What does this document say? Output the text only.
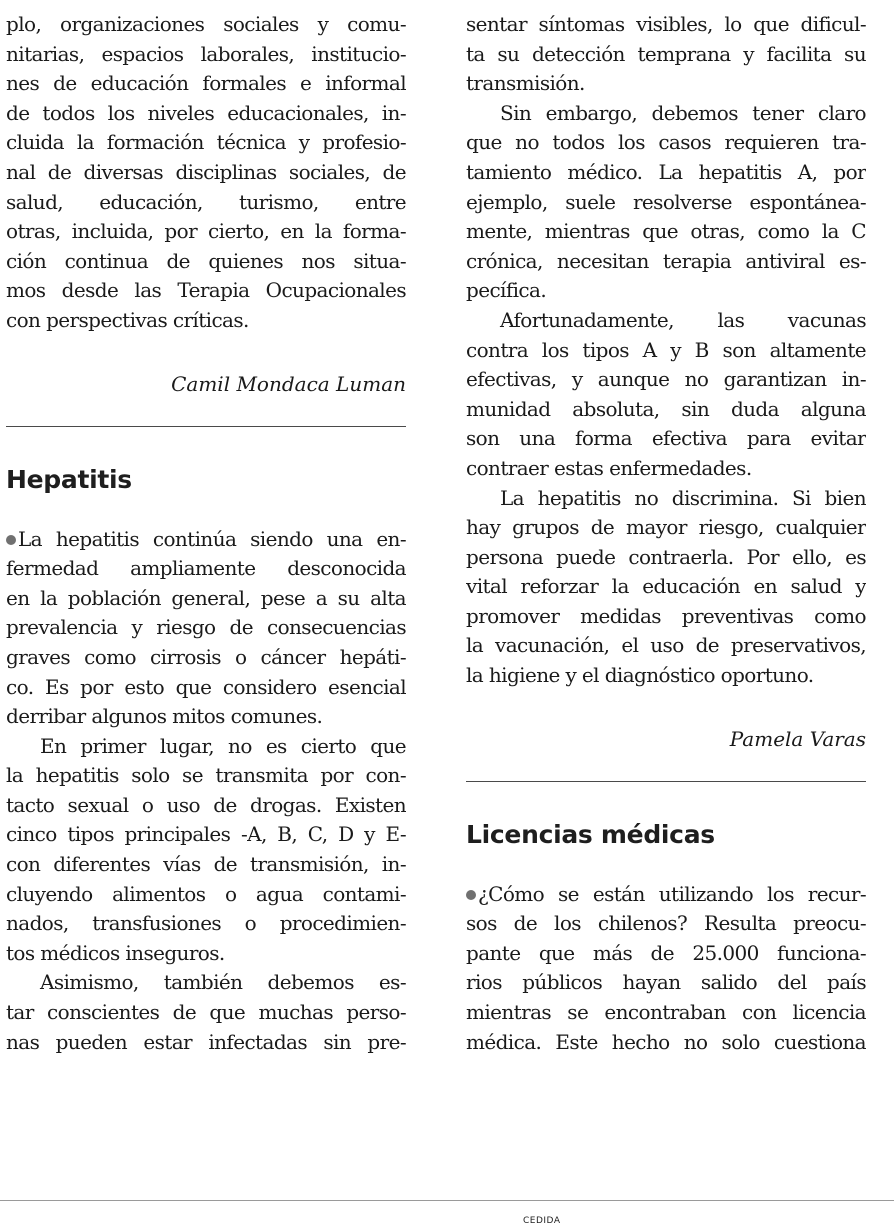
plo, organizaciones sociales y comu-
nitarias, espacios laborales, institucio-
nes de educación formales e informal
de todos los niveles educacionales, in-
cluida la formación técnica y profesio-
nal de diversas disciplinas sociales, de
salud, educación, turismo, entre
otras, incluida, por cierto, en la forma-
ción continua de quienes nos situa-
mos desde las Terapia Ocupacionales
con perspectivas críticas.
Camil Mondaca Luman
Hepatitis
La hepatitis continúa siendo una en-
fermedad ampliamente desconocida
en la población general, pese a su alta
prevalencia y riesgo de consecuencias
graves como cirrosis o cáncer hepáti-
co. Es por esto que considero esencial
derribar algunos mitos comunes.
En primer lugar, no es cierto que
la hepatitis solo se transmita por con-
tacto sexual o uso de drogas. Existen
cinco tipos principales -A, B, C, D y E-
con diferentes vías de transmisión, in-
cluyendo alimentos o agua contami-
nados, transfusiones o procedimien-
tos médicos inseguros.
Asimismo, también debemos es-
tar conscientes de que muchas perso-
nas pueden estar infectadas sin pre-
sentar síntomas visibles, lo que dificul-
ta su detección temprana y facilita su
transmisión.
Sin embargo, debemos tener claro
que no todos los casos requieren tra-
tamiento médico. La hepatitis A, por
ejemplo, suele resolverse espontánea-
mente, mientras que otras, como la C
crónica, necesitan terapia antiviral es-
pecífica.
Afortunadamente, las vacunas
contra los tipos A y B son altamente
efectivas, y aunque no garantizan in-
munidad absoluta, sin duda alguna
son una forma efectiva para evitar
contraer estas enfermedades.
La hepatitis no discrimina. Si bien
hay grupos de mayor riesgo, cualquier
persona puede contraerla. Por ello, es
vital reforzar la educación en salud y
promover medidas preventivas como
la vacunación, el uso de preservativos,
la higiene y el diagnóstico oportuno.
Pamela Varas
Licencias médicas
¿Cómo se están utilizando los recur-
sos de los chilenos? Resulta preocu-
pante que más de 25.000 funciona-
rios públicos hayan salido del país
mientras se encontraban con licencia
médica. Este hecho no solo cuestiona
CEDIDA
